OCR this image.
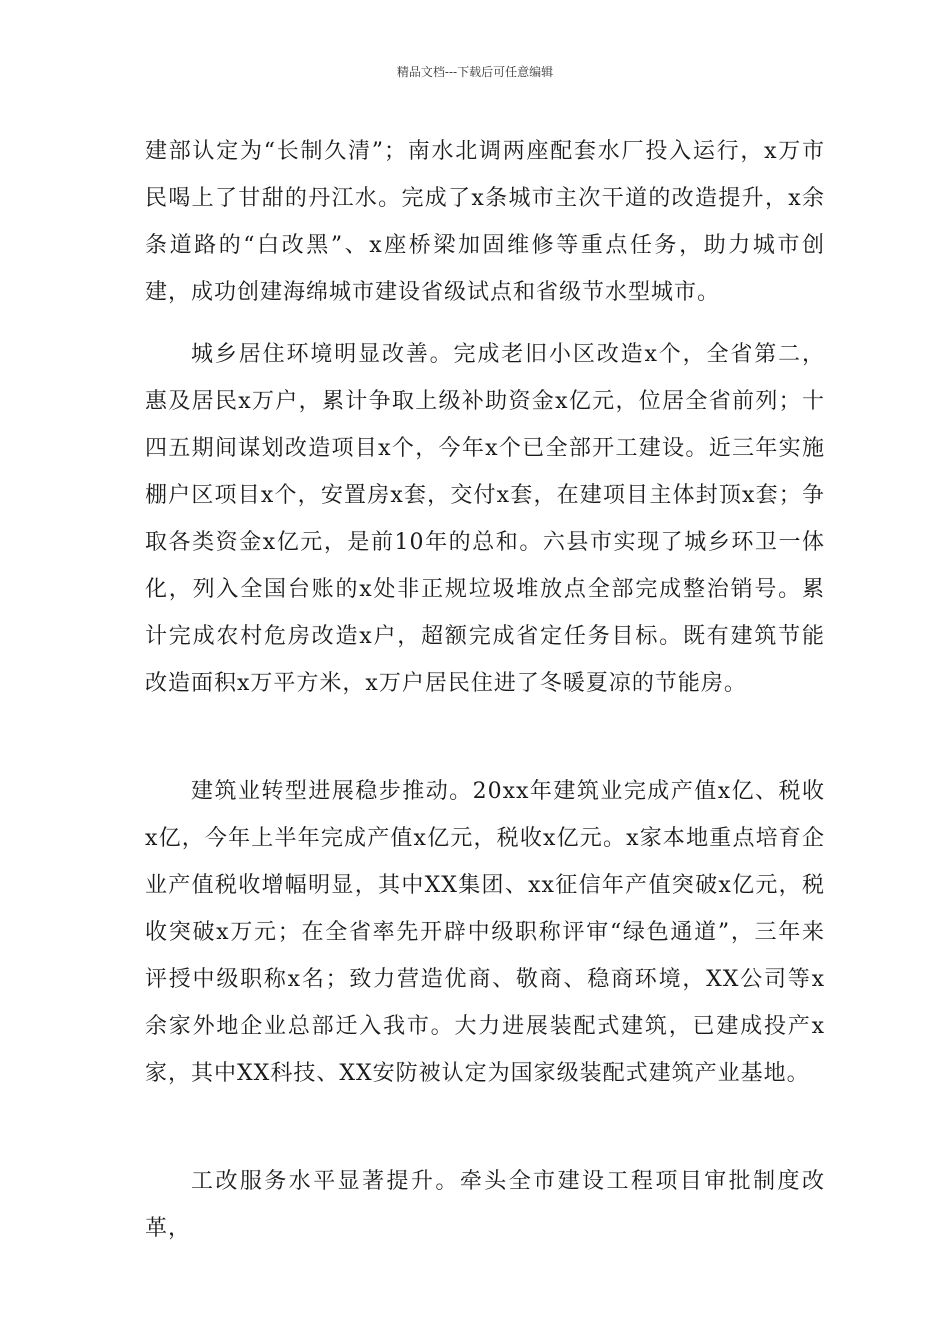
精品文档---下载后可任意编辑

建部认定为“长制久清”；南水北调两座配套水厂投入运行，x万市民喝上了甘甜的丹江水。完成了x条城市主次干道的改造提升，x余条道路的“白改黑”、x座桥梁加固维修等重点任务，助力城市创建，成功创建海绵城市建设省级试点和省级节水型城市。

城乡居住环境明显改善。完成老旧小区改造x个，全省第二，惠及居民x万户，累计争取上级补助资金x亿元，位居全省前列；十四五期间谋划改造项目x个，今年x个已全部开工建设。近三年实施棚户区项目x个，安置房x套，交付x套，在建项目主体封顶x套；争取各类资金x亿元，是前10年的总和。六县市实现了城乡环卫一体化，列入全国台账的x处非正规垃圾堆放点全部完成整治销号。累计完成农村危房改造x户，超额完成省定任务目标。既有建筑节能改造面积x万平方米，x万户居民住进了冬暖夏凉的节能房。

建筑业转型进展稳步推动。20xx年建筑业完成产值x亿、税收x亿，今年上半年完成产值x亿元，税收x亿元。x家本地重点培育企业产值税收增幅明显，其中XX集团、xx征信年产值突破x亿元，税收突破x万元；在全省率先开辟中级职称评审“绿色通道”，三年来评授中级职称x名；致力营造优商、敬商、稳商环境，XX公司等x余家外地企业总部迁入我市。大力进展装配式建筑，已建成投产x家，其中XX科技、XX安防被认定为国家级装配式建筑产业基地。

工改服务水平显著提升。牵头全市建设工程项目审批制度改革，
